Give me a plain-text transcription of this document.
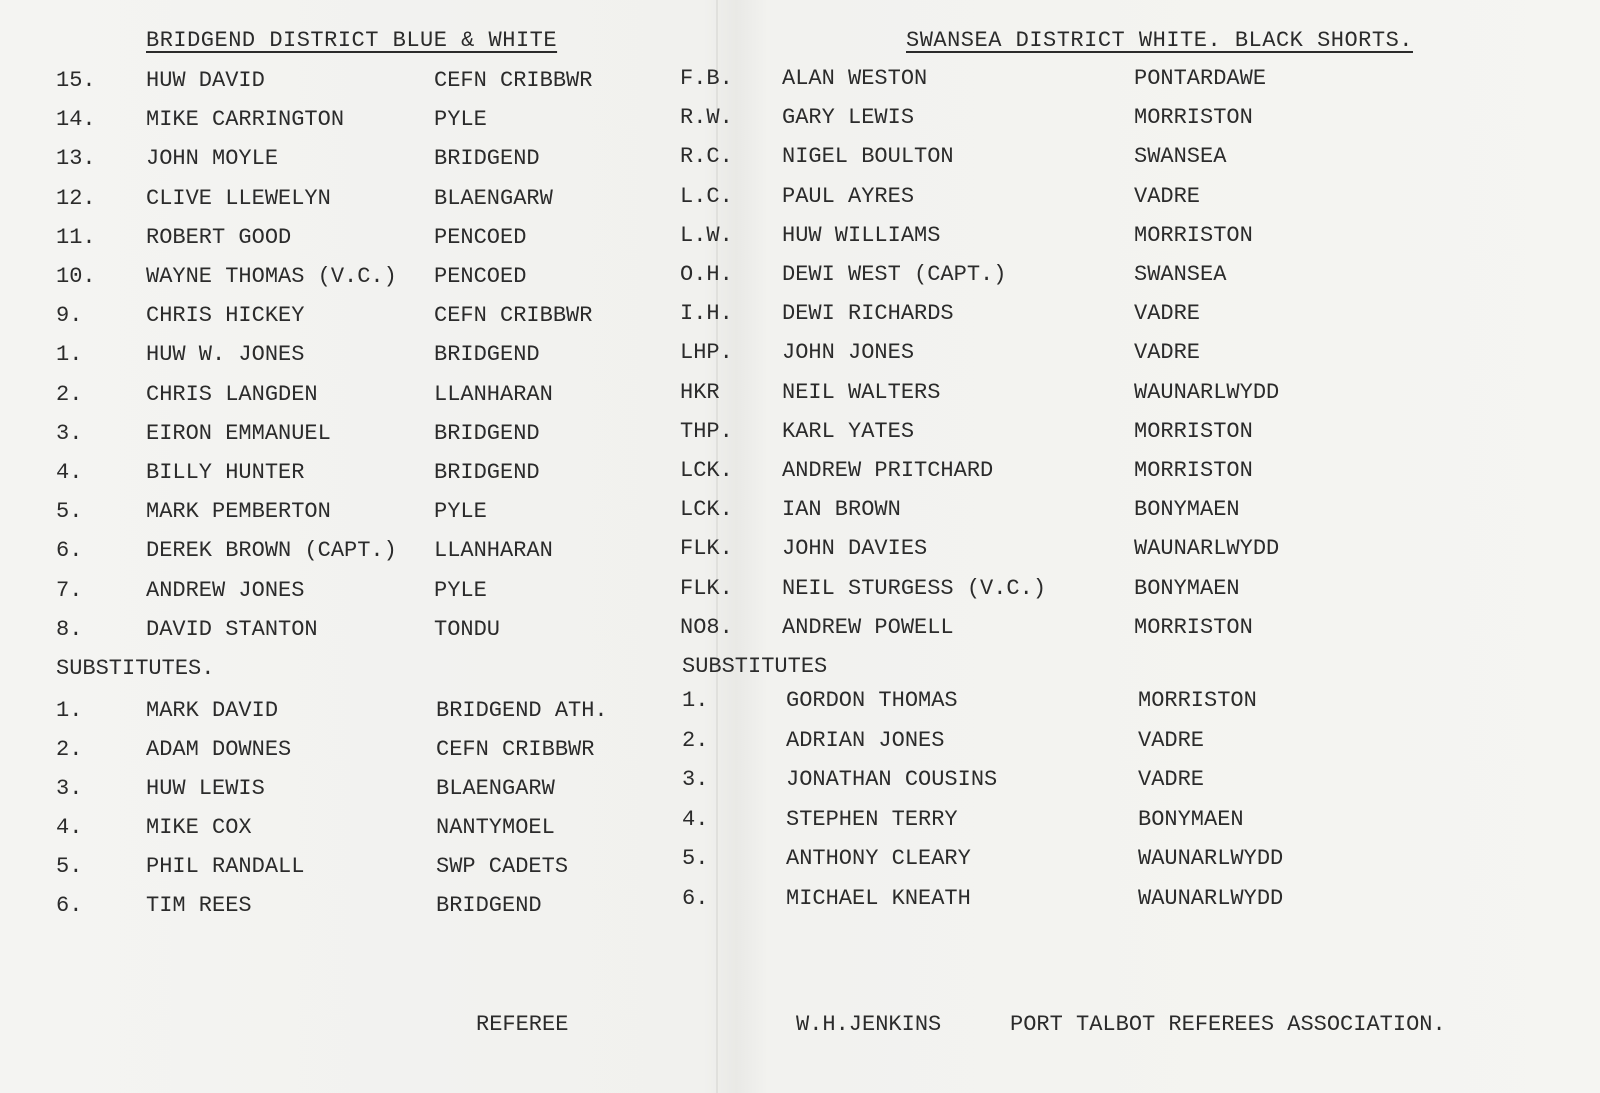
BRIDGEND DISTRICT BLUE & WHITE	SWANSEA DISTRICT WHITE. BLACK SHORTS.
15. HUW DAVID	CEFN CRIBBWR
14. MIKE CARRINGTON	PYLE
13. JOHN MOYLE	BRIDGEND
12. CLIVE LLEWELYN	BLAENGARW
11. ROBERT GOOD	PENCOED
10. WAYNE THOMAS (V.C.) PENCOED
9.	CHRIS HICKEY	CEFN CRIBBWR
1.	HUW W. JONES	BRIDGEND
2.	CHRIS LANGDEN	LLANHARAN
3.	EIRON EMMANUEL	BRIDGEND
4.	BILLY HUNTER	BRIDGEND
5.	MARK PEMBERTON	PYLE
6.	DEREK BROWN (CAPT.) LLANHARAN
7.	ANDREW JONES	PYLE
8.	DAVID STANTON	TONDU
SUBSTITUTES.
1.	MARK DAVID	BRIDGEND ATH.
2.	ADAM DOWNES	CEFN CRIBBWR
3.	HUW LEWIS	BLAENGARW
4.	MIKE COX	NANTYMOEL
5.	PHIL RANDALL	SWP CADETS
6.	TIM REES	BRIDGEND
F.B. ALAN WESTON	PONTARDAWE
R.W. GARY LEWIS	MORRISTON
R.C. NIGEL BOULTON	SWANSEA
L.C. PAUL AYRES	VADRE
L.W. HUW WILLIAMS	MORRISTON
O.H. DEWI WEST (CAPT.)	SWANSEA
I.H. DEWI RICHARDS	VADRE
LHP. JOHN JONES	VADRE
HKR	NEIL WALTERS	WAUNARLWYDD
THP. KARL YATES	MORRISTON
LCK. ANDREW PRITCHARD	MORRISTON
LCK. IAN BROWN	BONYMAEN
FLK. JOHN DAVIES	WAUNARLWYDD
FLK. NEIL STURGESS (V.C.)	BONYMAEN
NO8. ANDREW POWELL	MORRISTON
SUBSTITUTES
1.	GORDON THOMAS	MORRISTON
2.	ADRIAN JONES	VADRE
3.	JONATHAN COUSINS	VADRE
4.	STEPHEN TERRY	BONYMAEN
5.	ANTHONY CLEARY	WAUNARLWYDD
6.	MICHAEL KNEATH	WAUNARLWYDD
REFEREE	W.H.JENKINS	PORT TALBOT REFEREES ASSOCIATION.
